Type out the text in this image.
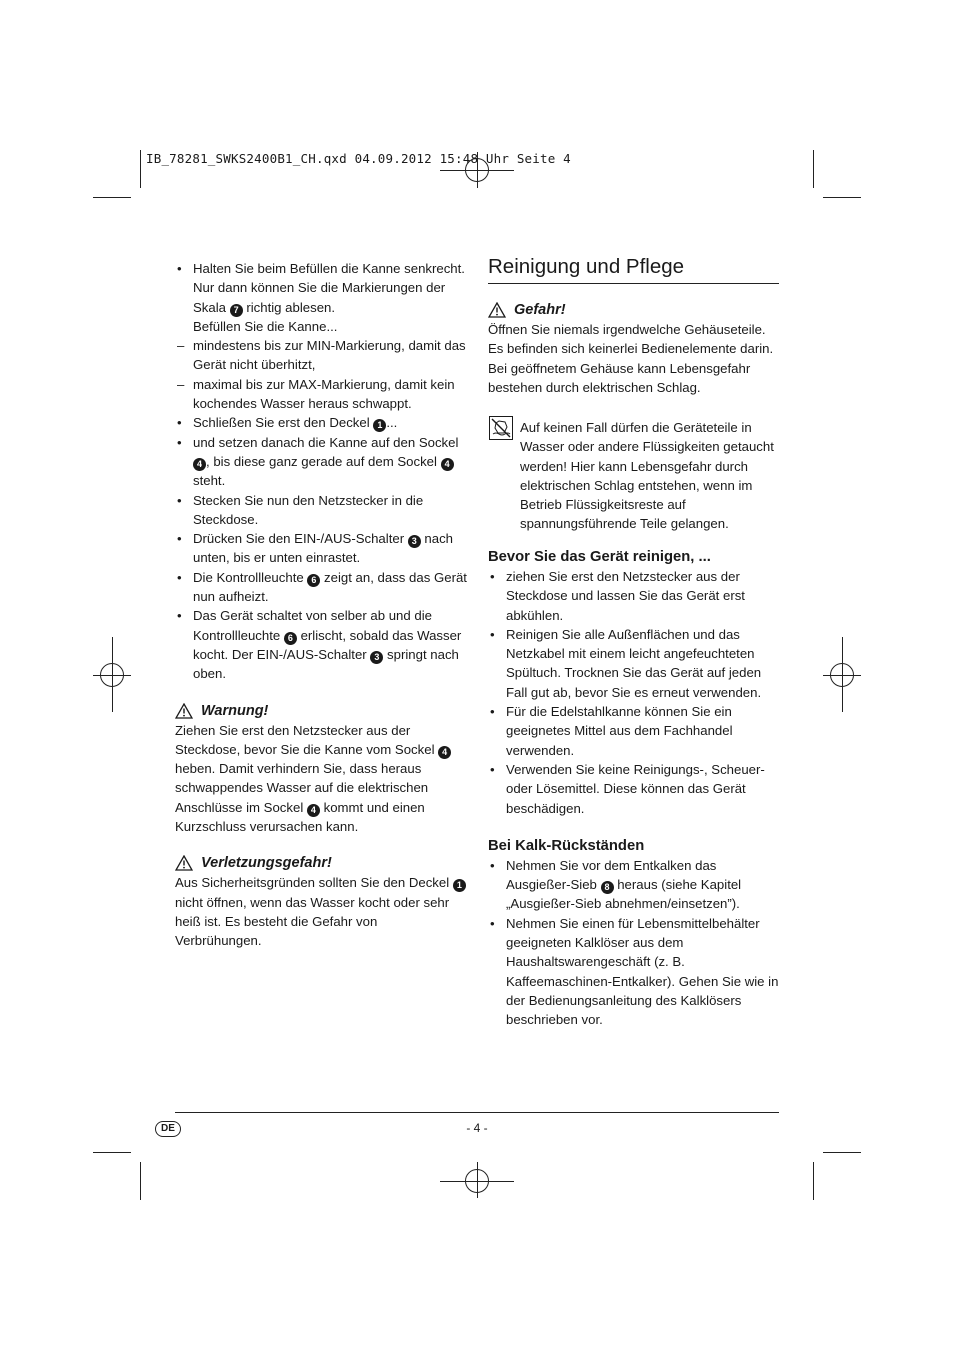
IB_78281_SWKS2400B1_CH.qxd 04.09.2012 15:48 Uhr Seite 4
• Halten Sie beim Befüllen die Kanne senkrecht. Nur dann können Sie die Markierungen der Skala 7 richtig ablesen.
Befüllen Sie die Kanne...
– mindestens bis zur MIN-Markierung, damit das Gerät nicht überhitzt,
– maximal bis zur MAX-Markierung, damit kein kochendes Wasser heraus schwappt.
• Schließen Sie erst den Deckel 1 ...
• und setzen danach die Kanne auf den Sockel 4 , bis diese ganz gerade auf dem Sockel 4 steht.
• Stecken Sie nun den Netzstecker in die Steckdose.
• Drücken Sie den EIN-/AUS-Schalter 3 nach unten, bis er unten einrastet.
• Die Kontrollleuchte 6 zeigt an, dass das Gerät nun aufheizt.
• Das Gerät schaltet von selber ab und die Kontrollleuchte 6 erlischt, sobald das Wasser kocht. Der EIN-/AUS-Schalter 3 springt nach oben.
Warnung!

Ziehen Sie erst den Netzstecker aus der Steckdose, bevor Sie die Kanne vom Sockel 4 heben. Damit verhindern Sie, dass heraus schwappendes Wasser auf die elektrischen Anschlüsse im Sockel 4 kommt und einen Kurzschluss verursachen kann.

Verletzungsgefahr!

Aus Sicherheitsgründen sollten Sie den Deckel 1 nicht öffnen, wenn das Wasser kocht oder sehr heiß ist. Es besteht die Gefahr von Verbrühungen.

Reinigung und Pflege
Gefahr!

Öffnen Sie niemals irgendwelche Gehäuseteile. Es befinden sich keinerlei Bedienelemente darin. Bei geöffnetem Gehäuse kann Lebensgefahr bestehen durch elektrischen Schlag.

Auf keinen Fall dürfen die Geräteteile in Wasser oder andere Flüssigkeiten getaucht werden! Hier kann Lebensgefahr durch elektrischen Schlag entstehen, wenn im Betrieb Flüssigkeitsreste auf spannungsführende Teile gelangen.

Bevor Sie das Gerät reinigen, ...
• ziehen Sie erst den Netzstecker aus der Steckdose und lassen Sie das Gerät erst abkühlen.
• Reinigen Sie alle Außenflächen und das Netzkabel mit einem leicht angefeuchteten Spültuch. Trocknen Sie das Gerät auf jeden Fall gut ab, bevor Sie es erneut verwenden.
• Für die Edelstahlkanne können Sie ein geeignetes Mittel aus dem Fachhandel verwenden.
• Verwenden Sie keine Reinigungs-, Scheuer- oder Lösemittel. Diese können das Gerät beschädigen.
Bei Kalk-Rückständen
• Nehmen Sie vor dem Entkalken das Ausgießer-Sieb 8 heraus (siehe Kapitel „Ausgießer-Sieb abnehmen/einsetzen”).
• Nehmen Sie einen für Lebensmittelbehälter geeigneten Kalklöser aus dem Haushaltswarengeschäft (z. B. Kaffeemaschinen-Entkalker). Gehen Sie wie in der Bedienungsanleitung des Kalklösers beschrieben vor.
DE	- 4 -
